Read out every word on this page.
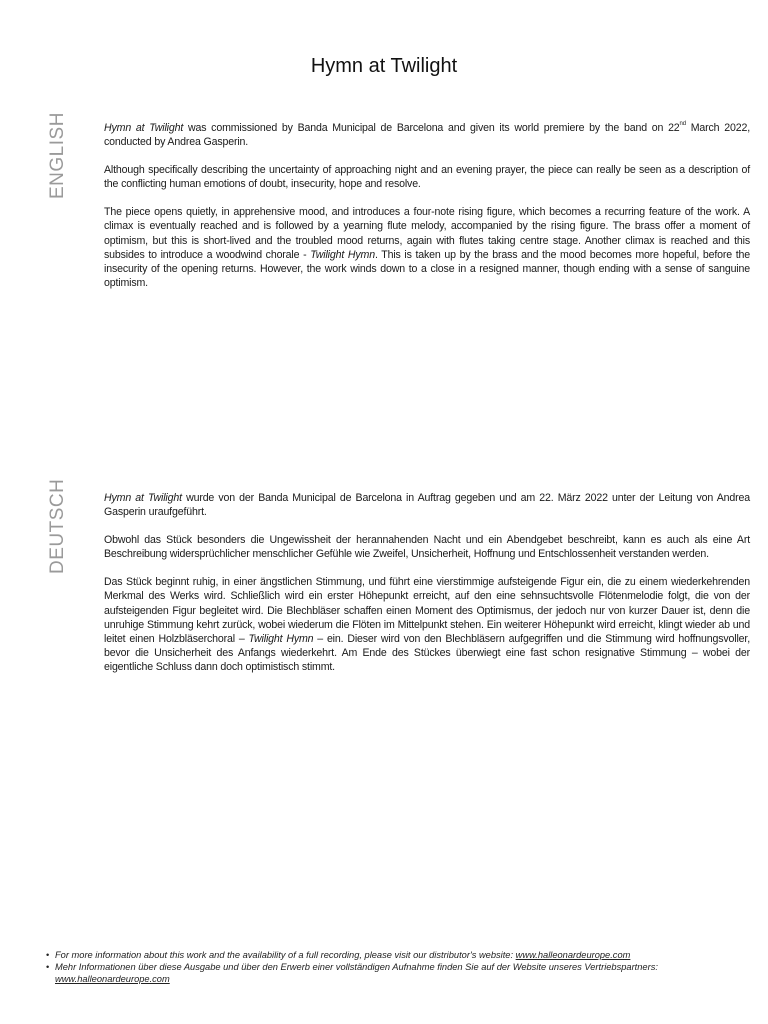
Hymn at Twilight
ENGLISH	Hymn at Twilight was commissioned by Banda Municipal de Barcelona and given its world premiere by the band on 22nd March 2022, conducted by Andrea Gasperin.

Although specifically describing the uncertainty of approaching night and an evening prayer, the piece can really be seen as a description of the conflicting human emotions of doubt, insecurity, hope and resolve.

The piece opens quietly, in apprehensive mood, and introduces a four-note rising figure, which becomes a recurring feature of the work. A climax is eventually reached and is followed by a yearning flute melody, accompanied by the rising figure. The brass offer a moment of optimism, but this is short-lived and the troubled mood returns, again with flutes taking centre stage. Another climax is reached and this subsides to introduce a woodwind chorale - Twilight Hymn. This is taken up by the brass and the mood becomes more hopeful, before the insecurity of the opening returns. However, the work winds down to a close in a resigned manner, though ending with a sense of sanguine optimism.

DEUTSCH	Hymn at Twilight wurde von der Banda Municipal de Barcelona in Auftrag gegeben und am 22. März 2022 unter der Leitung von Andrea Gasperin uraufgeführt.

Obwohl das Stück besonders die Ungewissheit der herannahenden Nacht und ein Abendgebet beschreibt, kann es auch als eine Art Beschreibung widersprüchlicher menschlicher Gefühle wie Zweifel, Unsicherheit, Hoffnung und Entschlossenheit verstanden werden.

Das Stück beginnt ruhig, in einer ängstlichen Stimmung, und führt eine vierstimmige aufsteigende Figur ein, die zu einem wiederkehrenden Merkmal des Werks wird. Schließlich wird ein erster Höhepunkt erreicht, auf den eine sehnsuchtsvolle Flötenmelodie folgt, die von der aufsteigenden Figur begleitet wird. Die Blechbläser schaffen einen Moment des Optimismus, der jedoch nur von kurzer Dauer ist, denn die unruhige Stimmung kehrt zurück, wobei wiederum die Flöten im Mittelpunkt stehen. Ein weiterer Höhepunkt wird erreicht, klingt wieder ab und leitet einen Holzbläserchoral – Twilight Hymn – ein. Dieser wird von den Blechbläsern aufgegriffen und die Stimmung wird hoffnungsvoller, bevor die Unsicherheit des Anfangs wiederkehrt. Am Ende des Stückes überwiegt eine fast schon resignative Stimmung – wobei der eigentliche Schluss dann doch optimistisch stimmt.

• For more information about this work and the availability of a full recording, please visit our distributor's website: www.halleonardeurope.com
• Mehr Informationen über diese Ausgabe und über den Erwerb einer vollständigen Aufnahme finden Sie auf der Website unseres Vertriebspartners: www.halleonardeurope.com
